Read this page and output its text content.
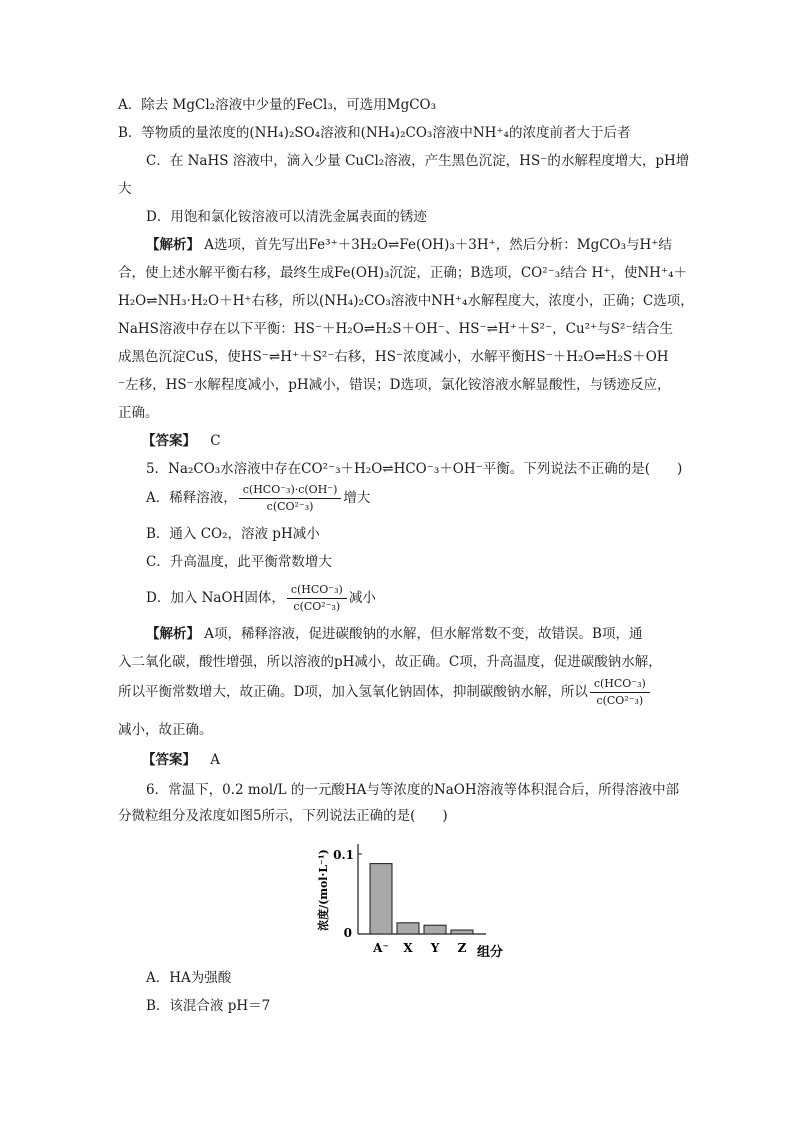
A．除去 MgCl₂溶液中少量的FeCl₃，可选用MgCO₃
B．等物质的量浓度的(NH₄)₂SO₄溶液和(NH₄)₂CO₃溶液中NH⁺₄的浓度前者大于后者
C．在 NaHS 溶液中，滴入少量 CuCl₂溶液，产生黑色沉淀，HS⁻的水解程度增大，pH增
大
D．用饱和氯化铵溶液可以清洗金属表面的锈迹
【解析】 A选项，首先写出Fe³⁺＋3H₂O⇌Fe(OH)₃＋3H⁺，然后分析：MgCO₃与H⁺结
合，使上述水解平衡右移，最终生成Fe(OH)₃沉淀，正确；B选项，CO²⁻₃结合 H⁺，使NH⁺₄＋
H₂O⇌NH₃·H₂O＋H⁺右移，所以(NH₄)₂CO₃溶液中NH⁺₄水解程度大，浓度小，正确；C选项，
NaHS溶液中存在以下平衡：HS⁻＋H₂O⇌H₂S＋OH⁻、HS⁻⇌H⁺＋S²⁻，Cu²⁺与S²⁻结合生
成黑色沉淀CuS，使HS⁻⇌H⁺＋S²⁻右移，HS⁻浓度减小，水解平衡HS⁻＋H₂O⇌H₂S＋OH
⁻左移，HS⁻水解程度减小，pH减小，错误；D选项，氯化铵溶液水解显酸性，与锈迹反应，
正确。
【答案】 C
5．Na₂CO₃水溶液中存在CO²⁻₃＋H₂O⇌HCO⁻₃＋OH⁻平衡。下列说法不正确的是(　　)
A．稀释溶液， $\frac{\text{c(HCO⁻₃)·c(OH⁻)}}{\text{c(CO²⁻₃)}}$ 增大
B．通入 CO₂，溶液 pH减小
C．升高温度，此平衡常数增大
D．加入 NaOH固体， $\frac{\text{c(HCO⁻₃)}}{\text{c(CO²⁻₃)}}$ 减小
【解析】 A项，稀释溶液，促进碳酸钠的水解，但水解常数不变，故错误。B项，通
入二氧化碳，酸性增强，所以溶液的pH减小，故正确。C项，升高温度，促进碳酸钠水解，
所以平衡常数增大，故正确。D项，加入氢氧化钠固体，抑制碳酸钠水解，所以 $\frac{\text{c(HCO⁻₃)}}{\text{c(CO²⁻₃)}}$
减小，故正确。
【答案】 A
6．常温下，0.2 mol/L 的一元酸HA与等浓度的NaOH溶液等体积混合后，所得溶液中部
分微粒组分及浓度如图5所示，下列说法正确的是(　　)
0.1
0
浓度/(mol·L⁻¹)
组分
A⁻ X Y Z
A．HA为强酸
B．该混合液 pH＝7
